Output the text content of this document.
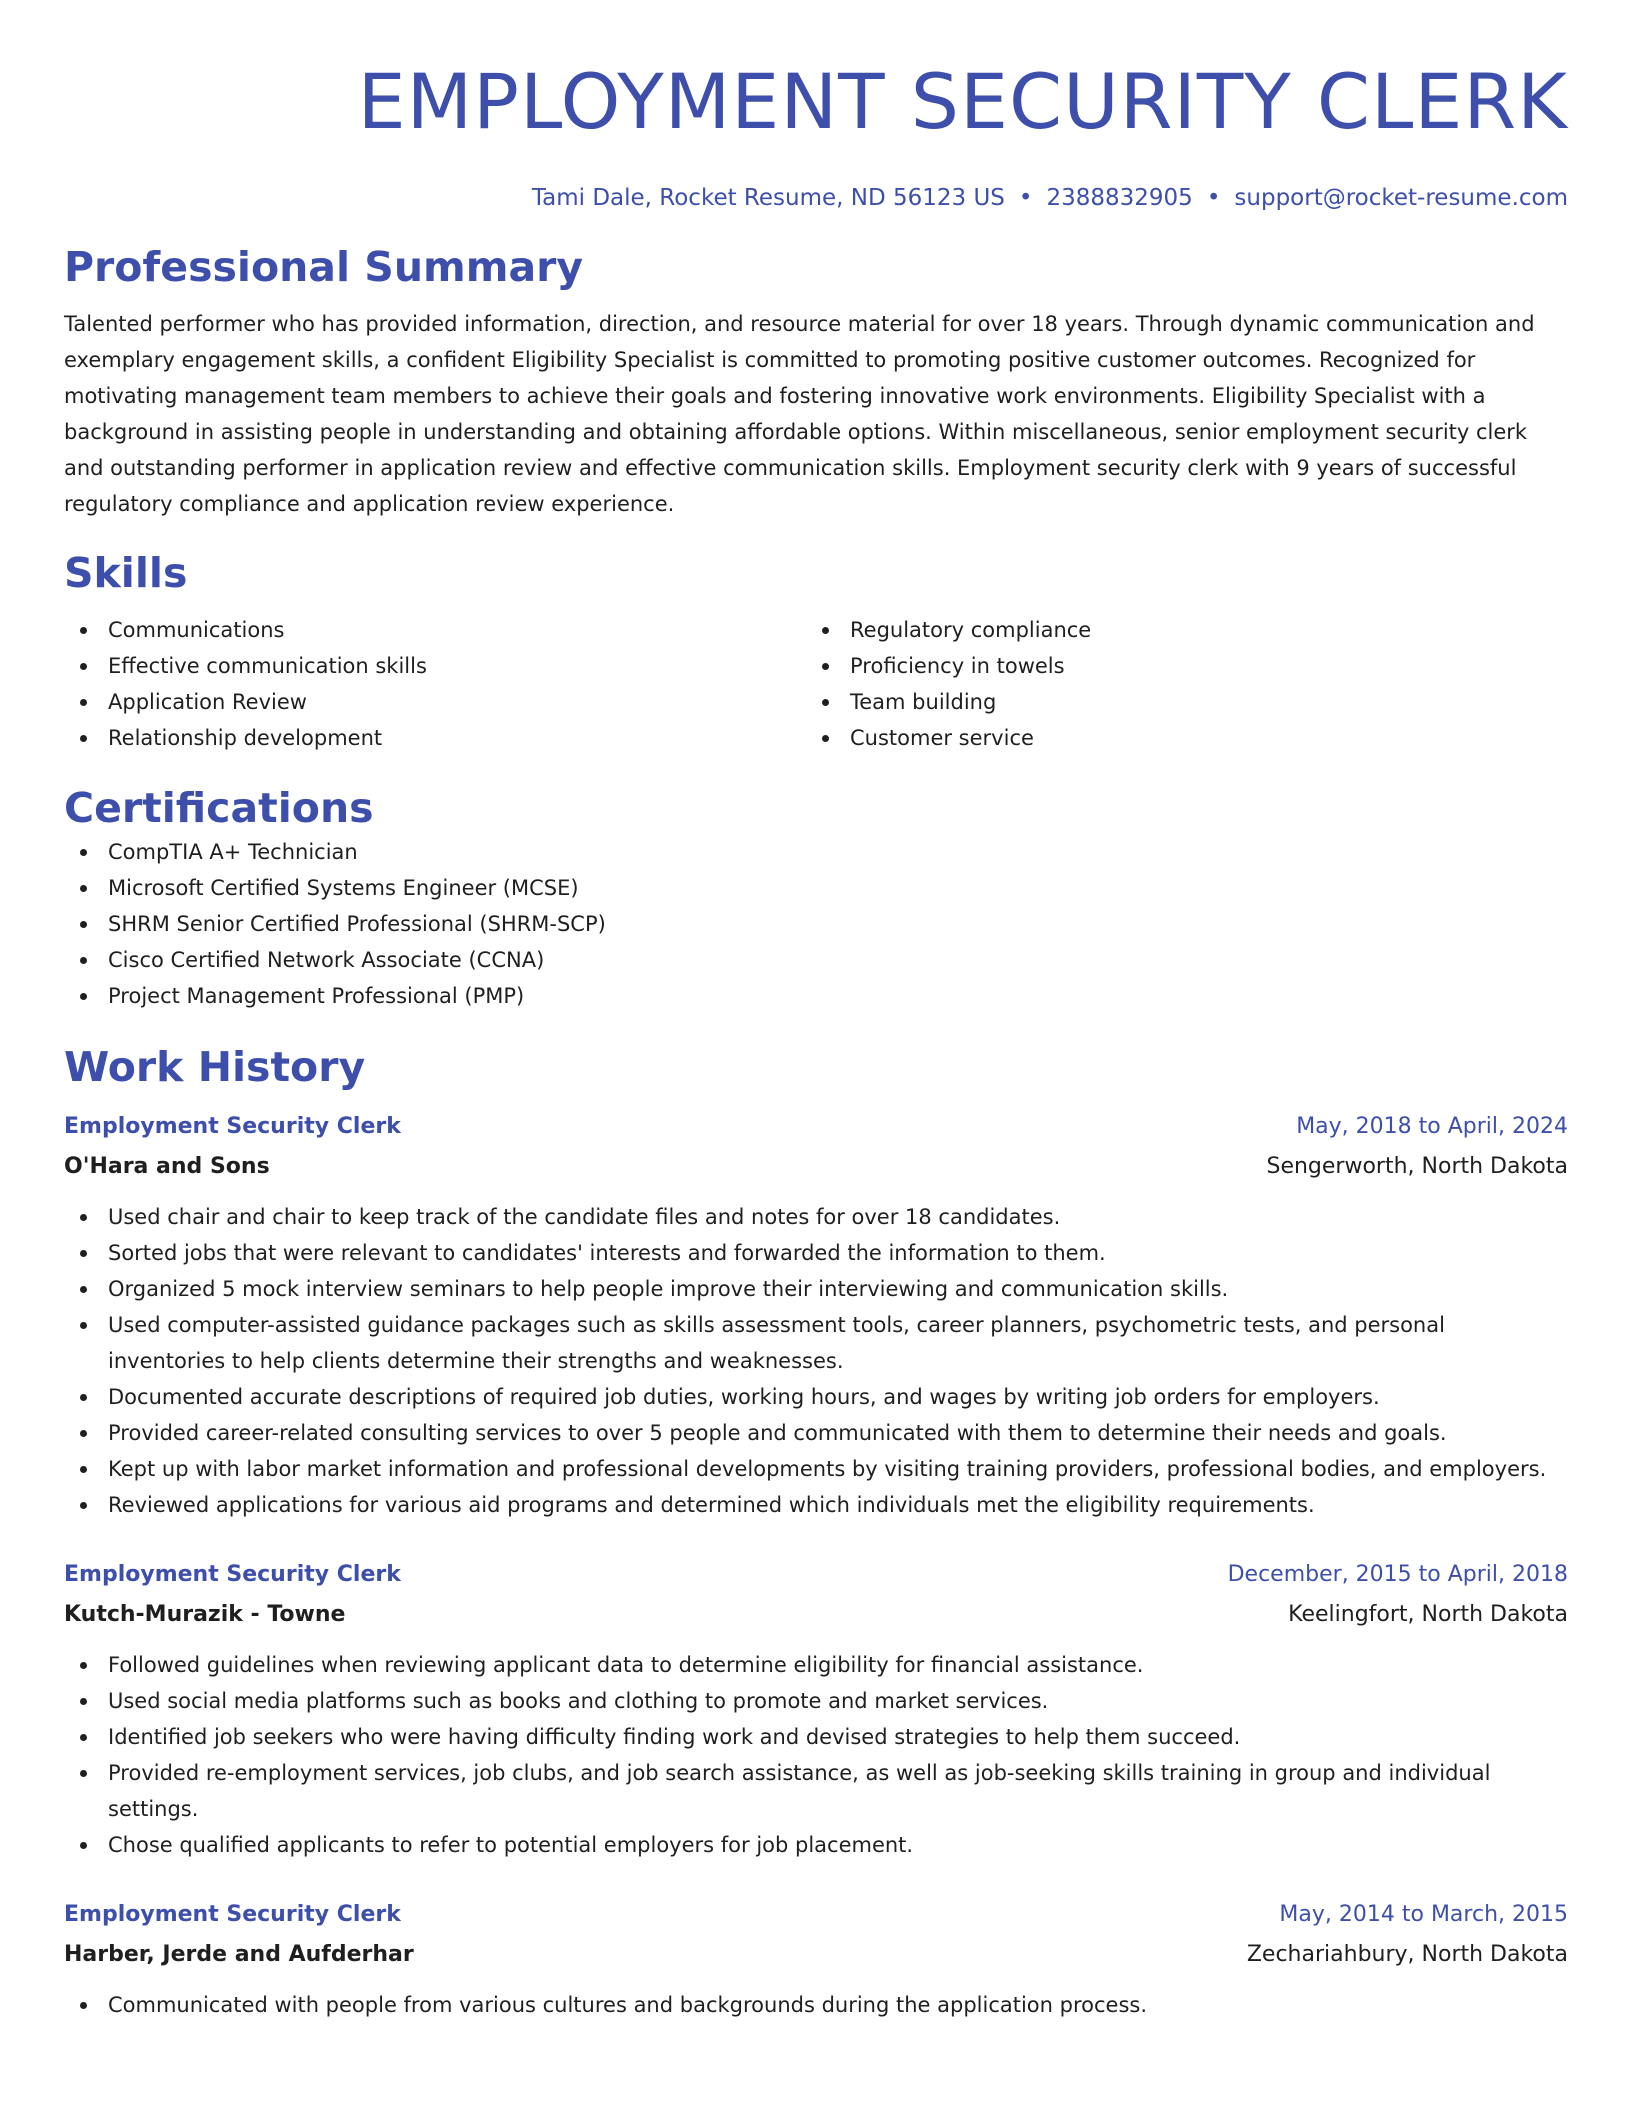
EMPLOYMENT SECURITY CLERK
Tami Dale, Rocket Resume, ND 56123 US • 2388832905 • support@rocket-resume.com
Professional Summary
Talented performer who has provided information, direction, and resource material for over 18 years. Through dynamic communication and exemplary engagement skills, a confident Eligibility Specialist is committed to promoting positive customer outcomes. Recognized for motivating management team members to achieve their goals and fostering innovative work environments. Eligibility Specialist with a background in assisting people in understanding and obtaining affordable options. Within miscellaneous, senior employment security clerk and outstanding performer in application review and effective communication skills. Employment security clerk with 9 years of successful regulatory compliance and application review experience.
Skills
Communications
Effective communication skills
Application Review
Relationship development
Regulatory compliance
Proficiency in towels
Team building
Customer service
Certifications
CompTIA A+ Technician
Microsoft Certified Systems Engineer (MCSE)
SHRM Senior Certified Professional (SHRM-SCP)
Cisco Certified Network Associate (CCNA)
Project Management Professional (PMP)
Work History
Employment Security Clerk	May, 2018 to April, 2024
O'Hara and Sons	Sengerworth, North Dakota
Used chair and chair to keep track of the candidate files and notes for over 18 candidates.
Sorted jobs that were relevant to candidates' interests and forwarded the information to them.
Organized 5 mock interview seminars to help people improve their interviewing and communication skills.
Used computer-assisted guidance packages such as skills assessment tools, career planners, psychometric tests, and personal inventories to help clients determine their strengths and weaknesses.
Documented accurate descriptions of required job duties, working hours, and wages by writing job orders for employers.
Provided career-related consulting services to over 5 people and communicated with them to determine their needs and goals.
Kept up with labor market information and professional developments by visiting training providers, professional bodies, and employers.
Reviewed applications for various aid programs and determined which individuals met the eligibility requirements.
Employment Security Clerk	December, 2015 to April, 2018
Kutch-Murazik - Towne	Keelingfort, North Dakota
Followed guidelines when reviewing applicant data to determine eligibility for financial assistance.
Used social media platforms such as books and clothing to promote and market services.
Identified job seekers who were having difficulty finding work and devised strategies to help them succeed.
Provided re-employment services, job clubs, and job search assistance, as well as job-seeking skills training in group and individual settings.
Chose qualified applicants to refer to potential employers for job placement.
Employment Security Clerk	May, 2014 to March, 2015
Harber, Jerde and Aufderhar	Zechariahbury, North Dakota
Communicated with people from various cultures and backgrounds during the application process.
